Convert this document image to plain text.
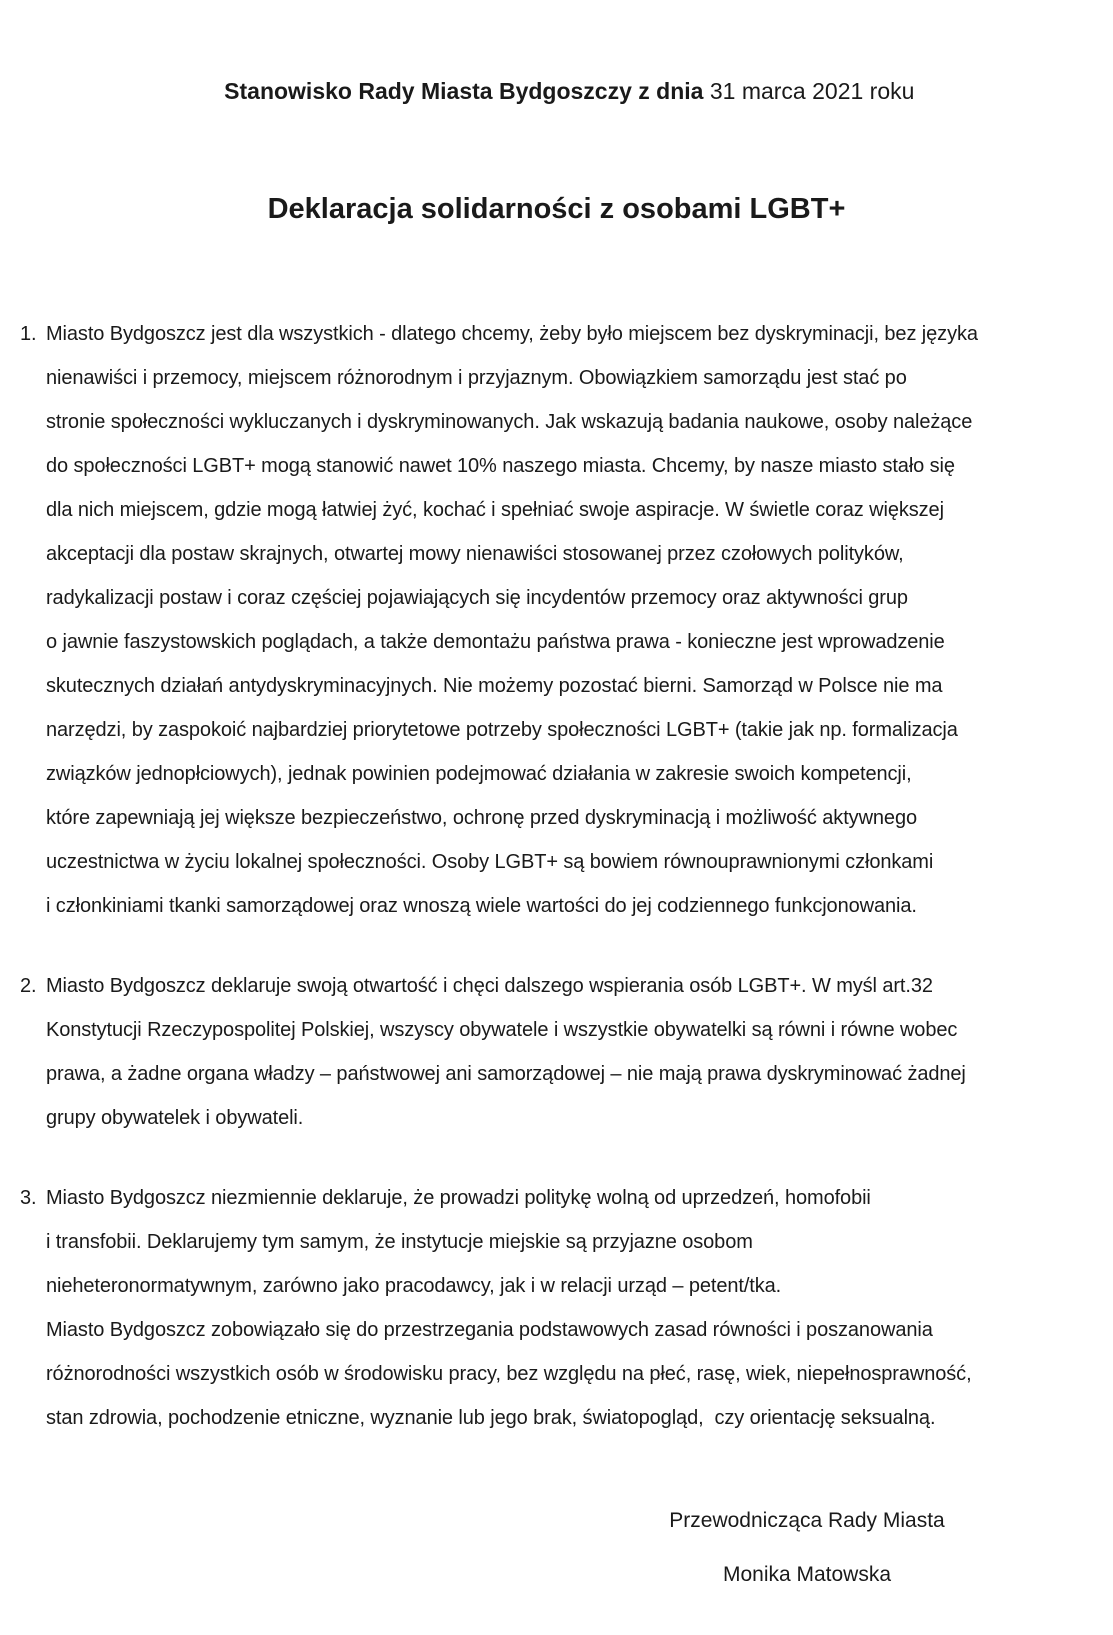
Stanowisko Rady Miasta Bydgoszczy z dnia 31 marca 2021 roku

Deklaracja solidarności z osobami LGBT+
1. Miasto Bydgoszcz jest dla wszystkich - dlatego chcemy, żeby było miejscem bez dyskryminacji, bez języka
nienawiści i przemocy, miejscem różnorodnym i przyjaznym. Obowiązkiem samorządu jest stać po
stronie społeczności wykluczanych i dyskryminowanych. Jak wskazują badania naukowe, osoby należące
do społeczności LGBT+ mogą stanowić nawet 10% naszego miasta. Chcemy, by nasze miasto stało się
dla nich miejscem, gdzie mogą łatwiej żyć, kochać i spełniać swoje aspiracje. W świetle coraz większej
akceptacji dla postaw skrajnych, otwartej mowy nienawiści stosowanej przez czołowych polityków,
radykalizacji postaw i coraz częściej pojawiających się incydentów przemocy oraz aktywności grup
o jawnie faszystowskich poglądach, a także demontażu państwa prawa - konieczne jest wprowadzenie
skutecznych działań antydyskryminacyjnych. Nie możemy pozostać bierni. Samorząd w Polsce nie ma
narzędzi, by zaspokoić najbardziej priorytetowe potrzeby społeczności LGBT+ (takie jak np. formalizacja
związków jednopłciowych), jednak powinien podejmować działania w zakresie swoich kompetencji,
które zapewniają jej większe bezpieczeństwo, ochronę przed dyskryminacją i możliwość aktywnego
uczestnictwa w życiu lokalnej społeczności. Osoby LGBT+ są bowiem równouprawnionymi członkami
i członkiniami tkanki samorządowej oraz wnoszą wiele wartości do jej codziennego funkcjonowania.
2. Miasto Bydgoszcz deklaruje swoją otwartość i chęci dalszego wspierania osób LGBT+. W myśl art.32
Konstytucji Rzeczypospolitej Polskiej, wszyscy obywatele i wszystkie obywatelki są równi i równe wobec
prawa, a żadne organa władzy – państwowej ani samorządowej – nie mają prawa dyskryminować żadnej
grupy obywatelek i obywateli.
3. Miasto Bydgoszcz niezmiennie deklaruje, że prowadzi politykę wolną od uprzedzeń, homofobii
i transfobii. Deklarujemy tym samym, że instytucje miejskie są przyjazne osobom
nieheteronormatywnym, zarówno jako pracodawcy, jak i w relacji urząd – petent/tka.
Miasto Bydgoszcz zobowiązało się do przestrzegania podstawowych zasad równości i poszanowania
różnorodności wszystkich osób w środowisku pracy, bez względu na płeć, rasę, wiek, niepełnosprawność,
stan zdrowia, pochodzenie etniczne, wyznanie lub jego brak, światopogląd,  czy orientację seksualną.
Przewodnicząca Rady Miasta
Monika Matowska
